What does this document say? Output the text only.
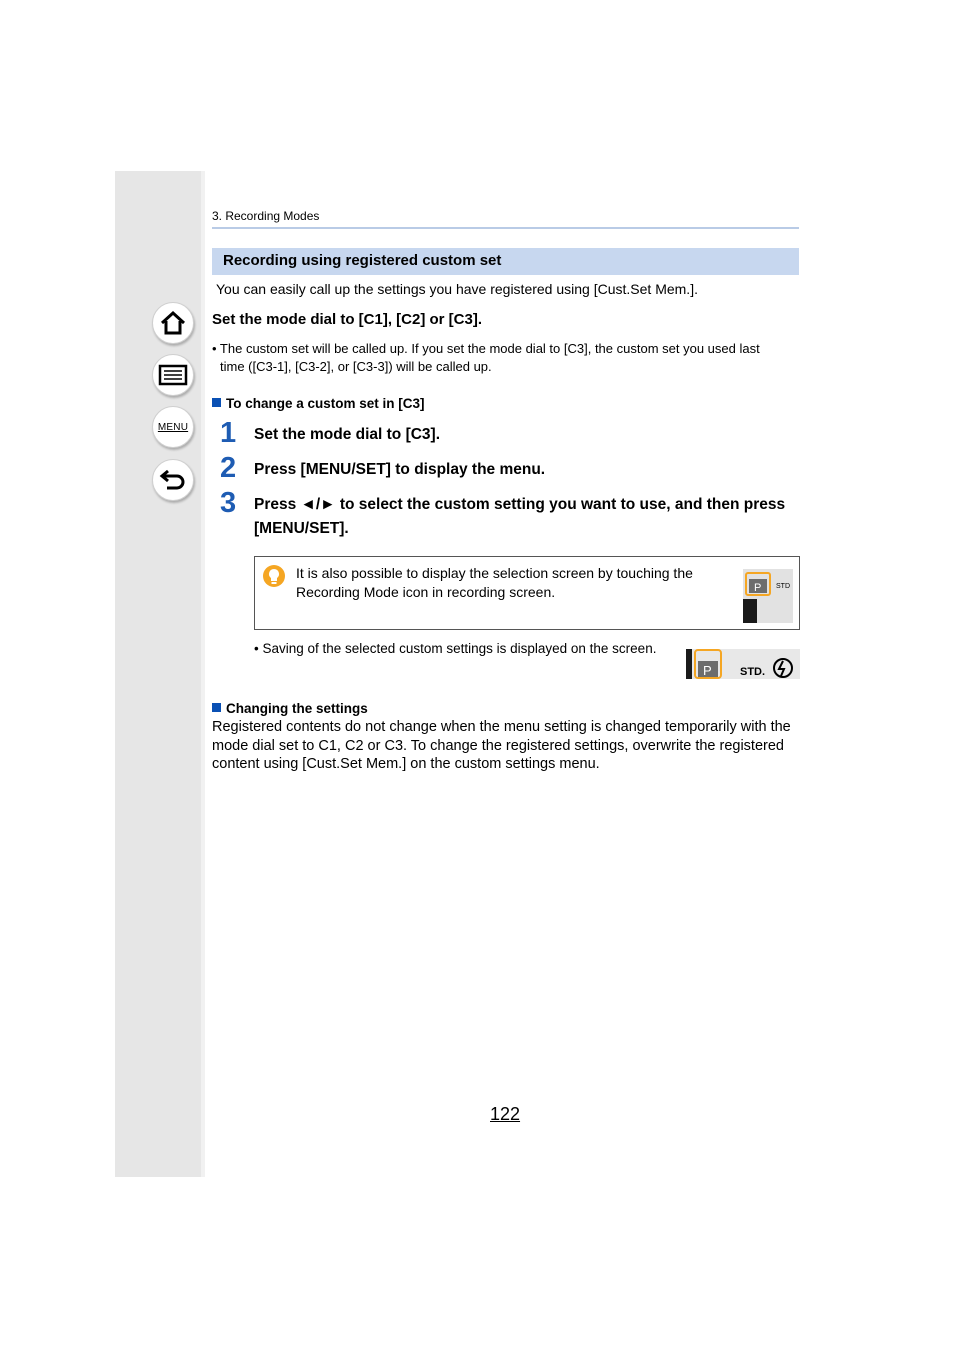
MENU
3. Recording Modes
Recording using registered custom set
You can easily call up the settings you have registered using [Cust.Set Mem.].
Set the mode dial to [C1], [C2] or [C3].
• The custom set will be called up. If you set the mode dial to [C3], the custom set you used last
time ([C3-1], [C3-2], or [C3-3]) will be called up.
To change a custom set in [C3]
1 Set the mode dial to [C3].
2 Press [MENU/SET] to display the menu.
3 Press ◄/► to select the custom setting you want to use, and then press [MENU/SET].
It is also possible to display the selection screen by touching the Recording Mode icon in recording screen.	P STD
• Saving of the selected custom settings is displayed on the screen.
P	STD.
Changing the settings
Registered contents do not change when the menu setting is changed temporarily with the mode dial set to C1, C2 or C3. To change the registered settings, overwrite the registered content using [Cust.Set Mem.] on the custom settings menu.
122
